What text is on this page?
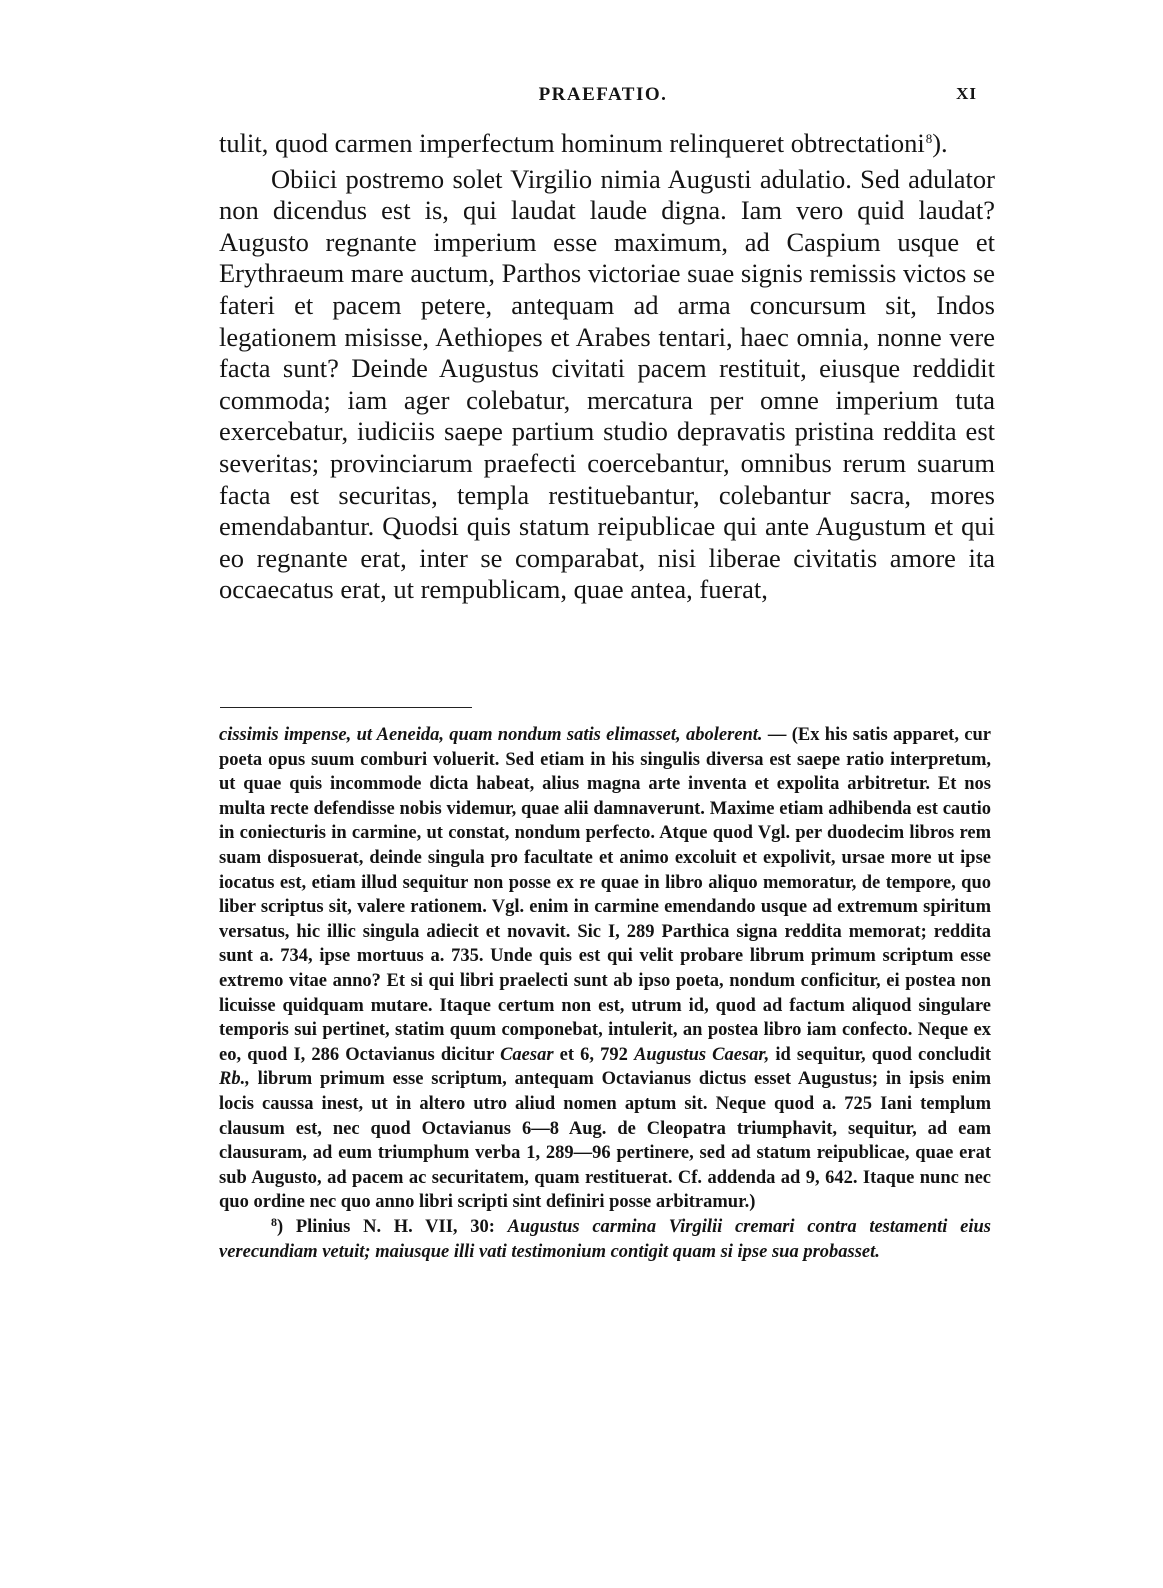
PRAEFATIO.	XI

tulit, quod carmen imperfectum hominum relinqueret obtrectationi$^8$).

Obiici postremo solet Virgilio nimia Augusti adulatio. Sed adulator non dicendus est is, qui laudat laude digna. Iam vero quid laudat? Augusto regnante imperium esse maximum, ad Caspium usque et Erythraeum mare auctum, Parthos victoriae suae signis remissis victos se fateri et pacem petere, antequam ad arma concursum sit, Indos legationem misisse, Aethiopes et Arabes tentari, haec omnia, nonne vere facta sunt? Deinde Augustus civitati pacem restituit, eiusque reddidit commoda; iam ager colebatur, mercatura per omne imperium tuta exercebatur, iudiciis saepe partium studio depravatis pristina reddita est severitas; provinciarum praefecti coercebantur, omnibus rerum suarum facta est securitas, templa restituebantur, colebantur sacra, mores emendabantur. Quodsi quis statum reipublicae qui ante Augustum et qui eo regnante erat, inter se comparabat, nisi liberae civitatis amore ita occaecatus erat, ut rempublicam, quae antea, fuerat,

cissimis impense, ut Aeneida, quam nondum satis elimasset, abolerent. — (Ex his satis apparet, cur poeta opus suum comburi voluerit. Sed etiam in his singulis diversa est saepe ratio interpretum, ut quae quis incommode dicta habeat, alius magna arte inventa et expolita arbitretur. Et nos multa recte defendisse nobis videmur, quae alii damnaverunt. Maxime etiam adhibenda est cautio in coniecturis in carmine, ut constat, nondum perfecto. Atque quod Vgl. per duodecim libros rem suam disposuerat, deinde singula pro facultate et animo excoluit et expolivit, ursae more ut ipse iocatus est, etiam illud sequitur non posse ex re quae in libro aliquo memoratur, de tempore, quo liber scriptus sit, valere rationem. Vgl. enim in carmine emendando usque ad extremum spiritum versatus, hic illic singula adiecit et novavit. Sic I, 289 Parthica signa reddita memorat; reddita sunt a. 734, ipse mortuus a. 735. Unde quis est qui velit probare librum primum scriptum esse extremo vitae anno? Et si qui libri praelecti sunt ab ipso poeta, nondum conficitur, ei postea non licuisse quidquam mutare. Itaque certum non est, utrum id, quod ad factum aliquod singulare temporis sui pertinet, statim quum componebat, intulerit, an postea libro iam confecto. Neque ex eo, quod I, 286 Octavianus dicitur Caesar et 6, 792 Augustus Caesar, id sequitur, quod concludit Rb., librum primum esse scriptum, antequam Octavianus dictus esset Augustus; in ipsis enim locis caussa inest, ut in altero utro aliud nomen aptum sit. Neque quod a. 725 Iani templum clausum est, nec quod Octavianus 6—8 Aug. de Cleopatra triumphavit, sequitur, ad eam clausuram, ad eum triumphum verba 1, 289—96 pertinere, sed ad statum reipublicae, quae erat sub Augusto, ad pacem ac securitatem, quam restituerat. Cf. addenda ad 9, 642. Itaque nunc nec quo ordine nec quo anno libri scripti sint definiri posse arbitramur.)

$^8$) Plinius N. H. VII, 30: Augustus carmina Virgilii cremari contra testamenti eius verecundiam vetuit; maiusque illi vati testimonium contigit quam si ipse sua probasset.
